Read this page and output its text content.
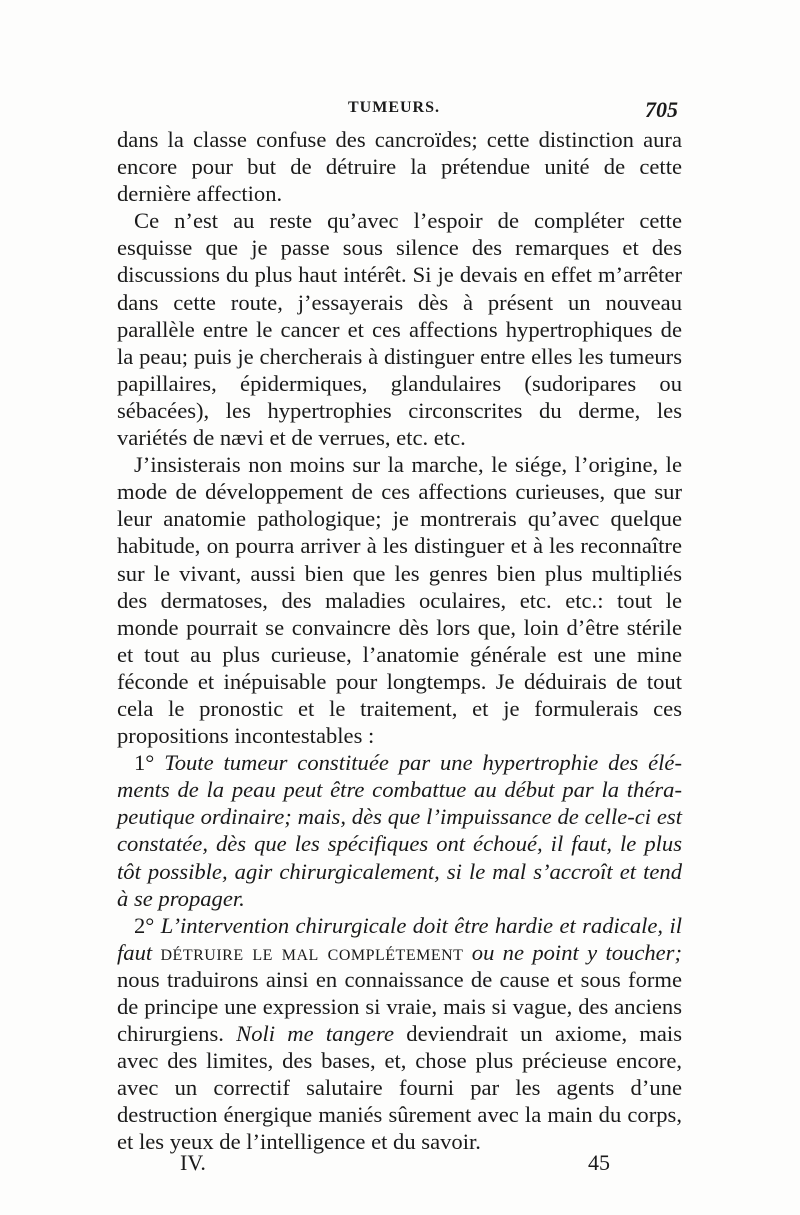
TUMEURS.	705

dans la classe confuse des cancroïdes; cette distinction aura encore pour but de détruire la prétendue unité de cette dernière affection.

Ce n’est au reste qu’avec l’espoir de compléter cette esquisse que je passe sous silence des remarques et des discussions du plus haut intérêt. Si je devais en effet m’arrêter dans cette route, j’essayerais dès à présent un nouveau parallèle entre le cancer et ces affections hypertrophiques de la peau; puis je chercherais à distinguer entre elles les tumeurs papillaires, épidermiques, glandulaires (sudoripares ou sébacées), les hypertrophies circonscrites du derme, les variétés de nævi et de verrues, etc. etc.

J’insisterais non moins sur la marche, le siége, l’origine, le mode de développement de ces affections curieuses, que sur leur anatomie pathologique; je montrerais qu’avec quelque habitude, on pourra arriver à les distinguer et à les reconnaître sur le vivant, aussi bien que les genres bien plus multipliés des dermatoses, des maladies oculaires, etc. etc.: tout le monde pourrait se convaincre dès lors que, loin d’être stérile et tout au plus curieuse, l’anatomie générale est une mine féconde et inépuisable pour longtemps. Je déduirais de tout cela le pronostic et le traitement, et je formulerais ces propositions incontestables :

1° Toute tumeur constituée par une hypertrophie des éléments de la peau peut être combattue au début par la thérapeutique ordinaire; mais, dès que l’impuissance de celle-ci est constatée, dès que les spécifiques ont échoué, il faut, le plus tôt possible, agir chirurgicalement, si le mal s’accroît et tend à se propager.

2° L’intervention chirurgicale doit être hardie et radicale, il faut détruire le mal complétement ou ne point y toucher; nous traduirons ainsi en connaissance de cause et sous forme de principe une expression si vraie, mais si vague, des anciens chirurgiens. Noli me tangere deviendrait un axiome, mais avec des limites, des bases, et, chose plus précieuse encore, avec un correctif salutaire fourni par les agents d’une destruction énergique maniés sûrement avec la main du corps, et les yeux de l’intelligence et du savoir.

IV.	45
